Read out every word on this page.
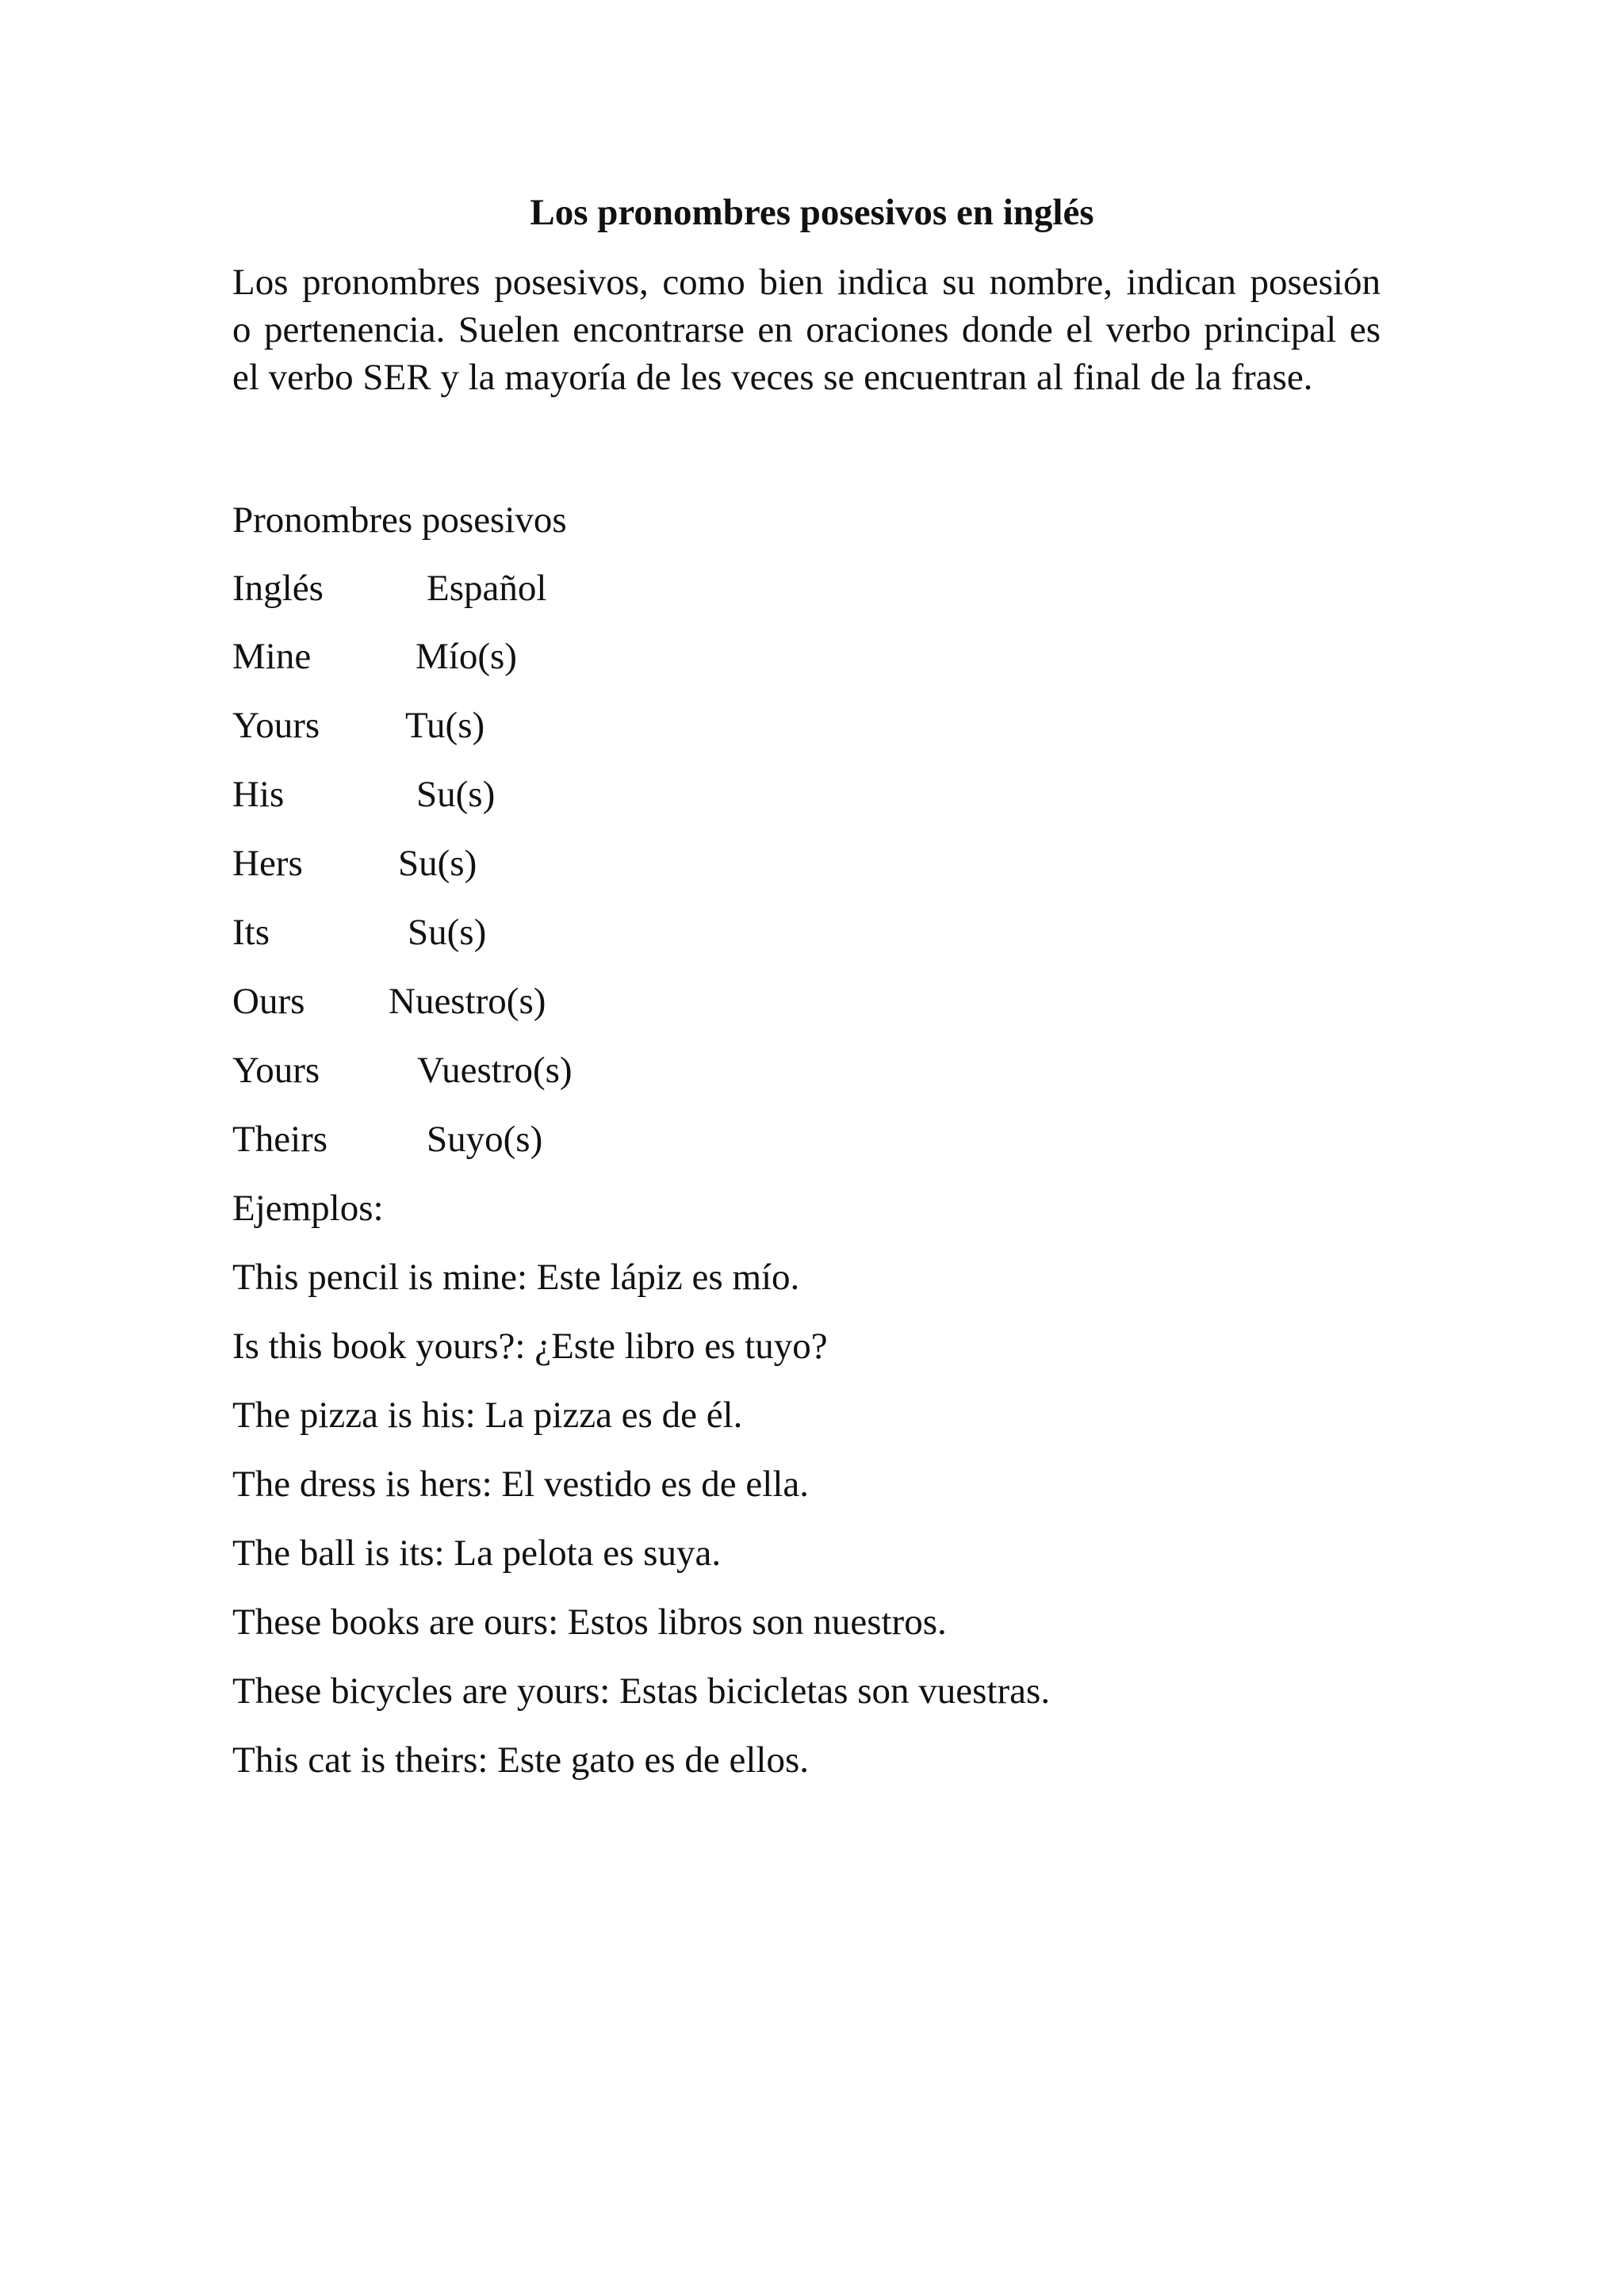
Los pronombres posesivos en inglés
Los pronombres posesivos, como bien indica su nombre, indican posesión
o pertenencia. Suelen encontrarse en oraciones donde el verbo principal es
el verbo SER y la mayoría de les veces se encuentran al final de la frase.
Pronombres posesivos
Inglés	Español
Mine	Mío(s)
Yours Tu(s)
His	Su(s)
Hers	Su(s)
Its	Su(s)
Ours Nuestro(s)
Yours	Vuestro(s)
Theirs	Suyo(s)
Ejemplos:
This pencil is mine: Este lápiz es mío.
Is this book yours?: ¿Este libro es tuyo?
The pizza is his: La pizza es de él.
The dress is hers: El vestido es de ella.
The ball is its: La pelota es suya.
These books are ours: Estos libros son nuestros.
These bicycles are yours: Estas bicicletas son vuestras.
This cat is theirs: Este gato es de ellos.
